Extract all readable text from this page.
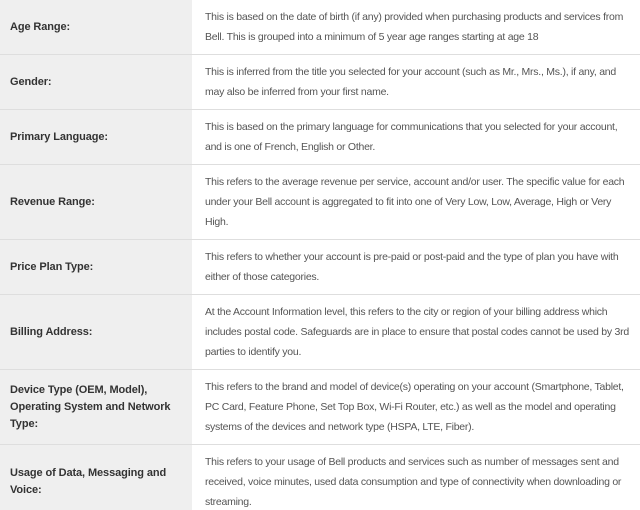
Age Range:
This is based on the date of birth (if any) provided when purchasing products and services from Bell. This is grouped into a minimum of 5 year age ranges starting at age 18
Gender:
This is inferred from the title you selected for your account (such as Mr., Mrs., Ms.), if any, and may also be inferred from your first name.
Primary Language:
This is based on the primary language for communications that you selected for your account, and is one of French, English or Other.
Revenue Range:
This refers to the average revenue per service, account and/or user. The specific value for each under your Bell account is aggregated to fit into one of Very Low, Low, Average, High or Very High.
Price Plan Type:
This refers to whether your account is pre-paid or post-paid and the type of plan you have with either of those categories.
Billing Address:
At the Account Information level, this refers to the city or region of your billing address which includes postal code. Safeguards are in place to ensure that postal codes cannot be used by 3rd parties to identify you.
Device Type (OEM, Model), Operating System and Network Type:
This refers to the brand and model of device(s) operating on your account (Smartphone, Tablet, PC Card, Feature Phone, Set Top Box, Wi-Fi Router, etc.) as well as the model and operating systems of the devices and network type (HSPA, LTE, Fiber).
Usage of Data, Messaging and Voice:
This refers to your usage of Bell products and services such as number of messages sent and received, voice minutes, used data consumption and type of connectivity when downloading or streaming.
